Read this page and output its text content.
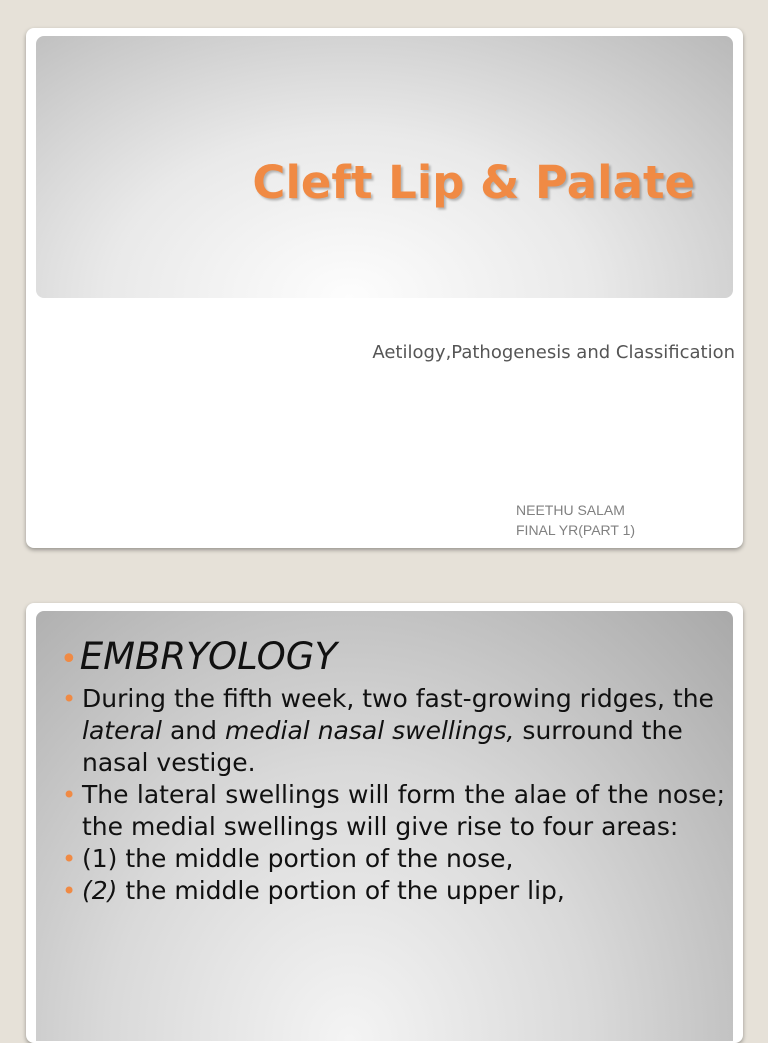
Cleft Lip & Palate
Aetilogy,Pathogenesis and Classification
NEETHU SALAM
FINAL YR(PART 1)
•EMBRYOLOGY
• During the fifth week, two fast-growing ridges, the lateral and medial nasal swellings, surround the nasal vestige.
• The lateral swellings will form the alae of the nose; the medial swellings will give rise to four areas:
• (1) the middle portion of the nose,
• (2) the middle portion of the upper lip,
